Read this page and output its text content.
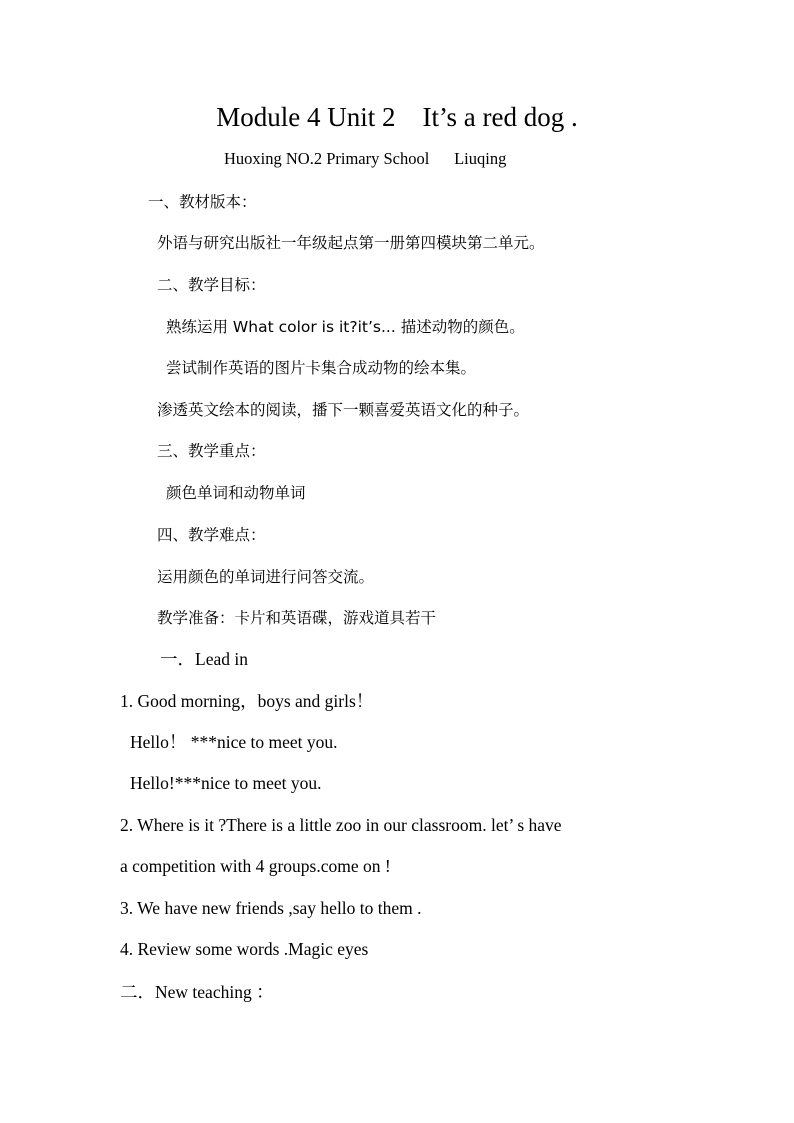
Module 4 Unit 2    It’s a red dog .
Huoxing NO.2 Primary School      Liuqing
一、教材版本：
外语与研究出版社一年级起点第一册第四模块第二单元。
二、教学目标：
熟练运用 What color is it?it’s... 描述动物的颜色。
尝试制作英语的图片卡集合成动物的绘本集。
渗透英文绘本的阅读，播下一颗喜爱英语文化的种子。
三、教学重点：
颜色单词和动物单词
四、教学难点：
运用颜色的单词进行问答交流。
教学准备：卡片和英语碟，游戏道具若干
一．Lead in
1. Good morning，boys and girls！
Hello！ ***nice to meet you.
Hello!***nice to meet you.
2. Where is it ?There is a little zoo in our classroom. let’ s have
a competition with 4 groups.come on !
3. We have new friends ,say hello to them .
4. Review some words .Magic eyes
二．New teaching ：
